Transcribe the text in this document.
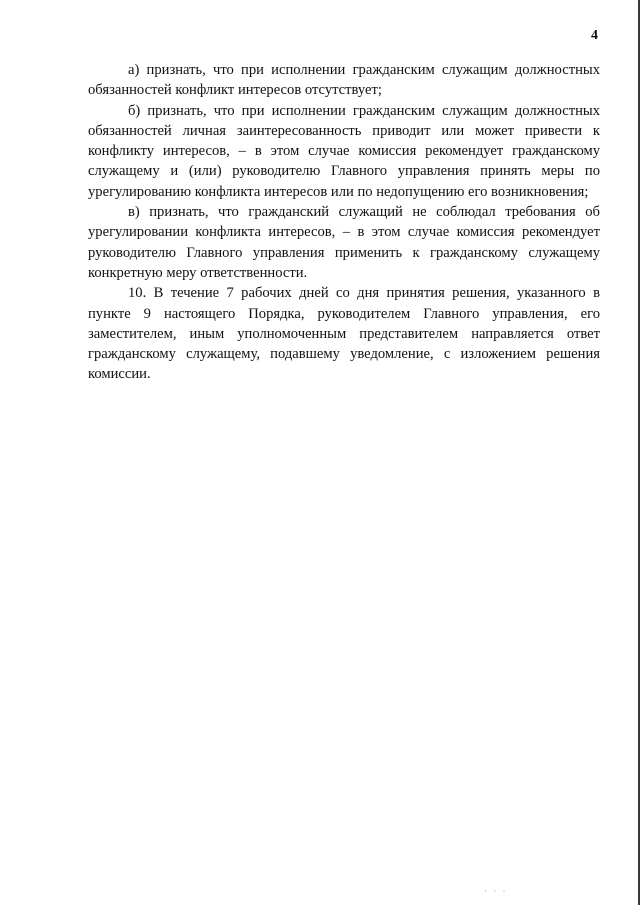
4

а) признать, что при исполнении гражданским служащим должностных обязанностей конфликт интересов отсутствует;

б) признать, что при исполнении гражданским служащим должностных обязанностей личная заинтересованность приводит или может привести к конфликту интересов, – в этом случае комиссия рекомендует гражданскому служащему и (или) руководителю Главного управления принять меры по урегулированию конфликта интересов или по недопущению его возникновения;

в) признать, что гражданский служащий не соблюдал требования об урегулировании конфликта интересов, – в этом случае комиссия рекомендует руководителю Главного управления применить к гражданскому служащему конкретную меру ответственности.

10. В течение 7 рабочих дней со дня принятия решения, указанного в пункте 9 настоящего Порядка, руководителем Главного управления, его заместителем, иным уполномоченным представителем направляется ответ гражданскому служащему, подавшему уведомление, с изложением решения комиссии.

· · ·
